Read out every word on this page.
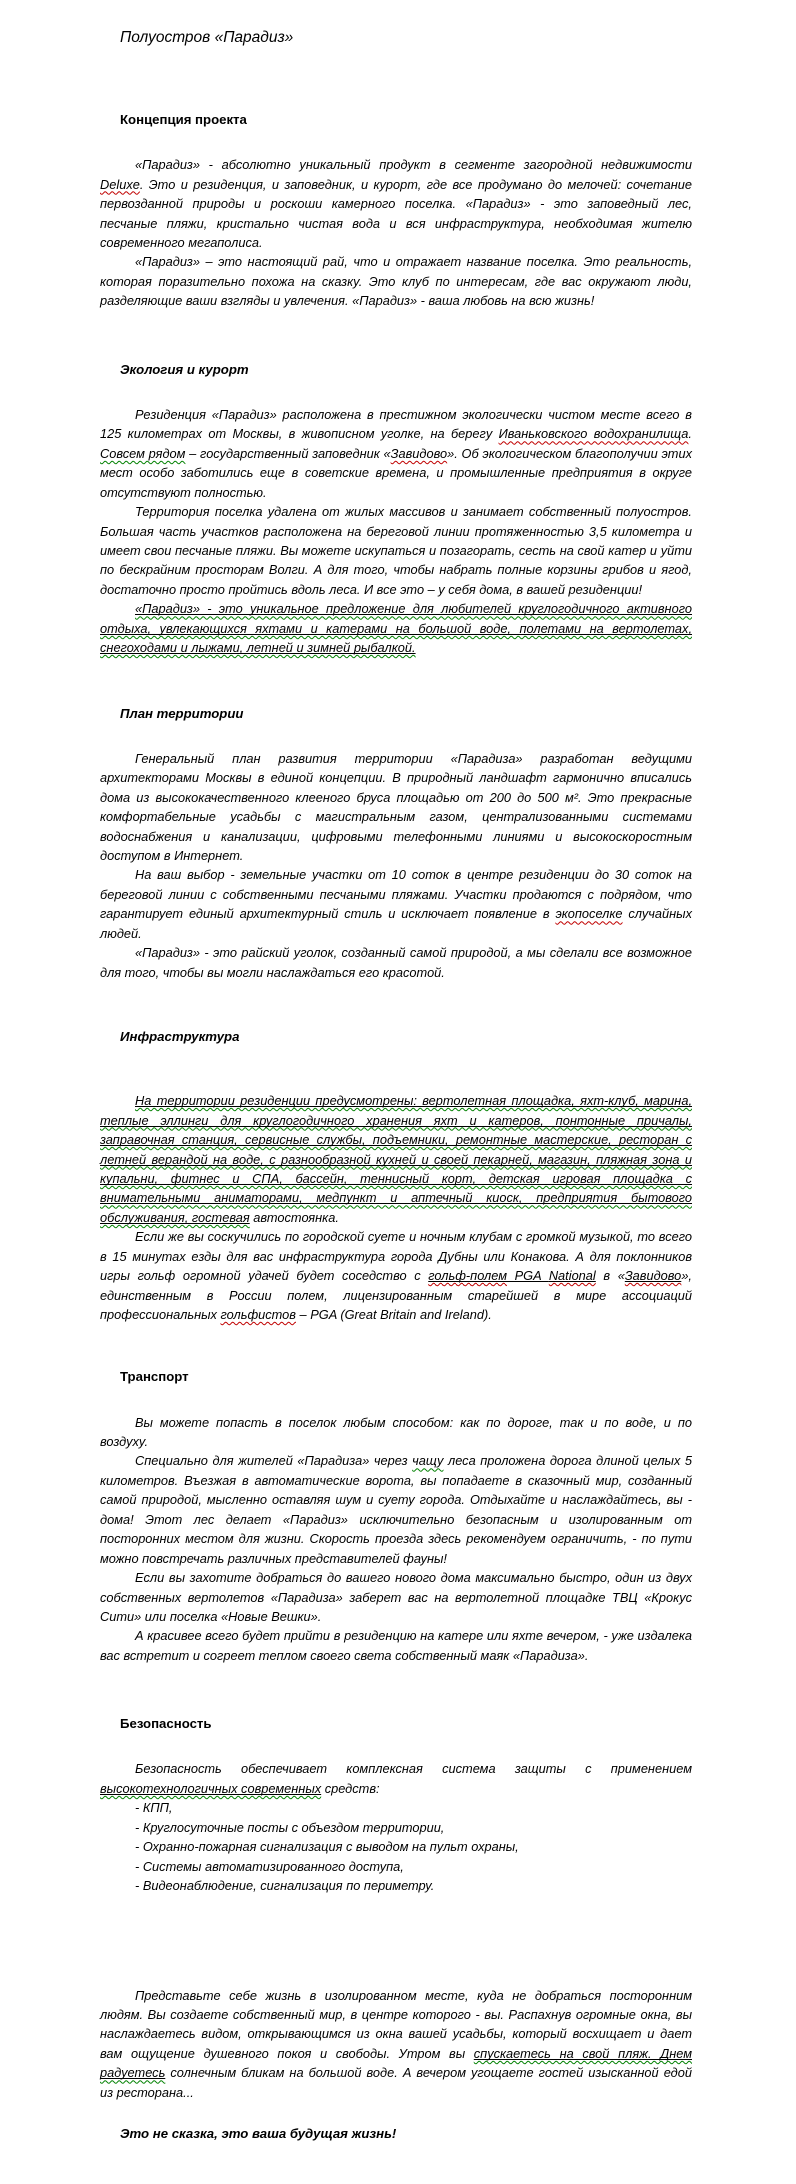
Полуостров «Парадиз»
Концепция проекта

«Парадиз» - абсолютно уникальный продукт в сегменте загородной недвижимости Deluxe. Это и резиденция, и заповедник, и курорт, где все продумано до мелочей: сочетание первозданной природы и роскоши камерного поселка. «Парадиз» - это заповедный лес, песчаные пляжи, кристально чистая вода и вся инфраструктура, необходимая жителю современного мегаполиса.

«Парадиз» – это настоящий рай, что и отражает название поселка. Это реальность, которая поразительно похожа на сказку. Это клуб по интересам, где вас окружают люди, разделяющие ваши взгляды и увлечения. «Парадиз» - ваша любовь на всю жизнь!

Экология и курорт

Резиденция «Парадиз» расположена в престижном экологически чистом месте всего в 125 километрах от Москвы, в живописном уголке, на берегу Иваньковского водохранилища. Совсем рядом – государственный заповедник «Завидово». Об экологическом благополучии этих мест особо заботились еще в советские времена, и промышленные предприятия в округе отсутствуют полностью.

Территория поселка удалена от жилых массивов и занимает собственный полуостров. Большая часть участков расположена на береговой линии протяженностью 3,5 километра и имеет свои песчаные пляжи. Вы можете искупаться и позагорать, сесть на свой катер и уйти по бескрайним просторам Волги. А для того, чтобы набрать полные корзины грибов и ягод, достаточно просто пройтись вдоль леса. И все это – у себя дома, в вашей резиденции!

«Парадиз» - это уникальное предложение для любителей круглогодичного активного отдыха, увлекающихся яхтами и катерами на большой воде, полетами на вертолетах, снегоходами и лыжами, летней и зимней рыбалкой.

План территории

Генеральный план развития территории «Парадиза» разработан ведущими архитекторами Москвы в единой концепции. В природный ландшафт гармонично вписались дома из высококачественного клееного бруса площадью от 200 до 500 м². Это прекрасные комфортабельные усадьбы с магистральным газом, централизованными системами водоснабжения и канализации, цифровыми телефонными линиями и высокоскоростным доступом в Интернет.

На ваш выбор - земельные участки от 10 соток в центре резиденции до 30 соток на береговой линии с собственными песчаными пляжами. Участки продаются с подрядом, что гарантирует единый архитектурный стиль и исключает появление в экопоселке случайных людей.

«Парадиз» - это райский уголок, созданный самой природой, а мы сделали все возможное для того, чтобы вы могли наслаждаться его красотой.

Инфраструктура

На территории резиденции предусмотрены: вертолетная площадка, яхт-клуб, марина, теплые эллинги для круглогодичного хранения яхт и катеров, понтонные причалы, заправочная станция, сервисные службы, подъемники, ремонтные мастерские, ресторан с летней верандой на воде, с разнообразной кухней и своей пекарней, магазин, пляжная зона и купальни, фитнес и СПА, бассейн, теннисный корт, детская игровая площадка с внимательными аниматорами, медпункт и аптечный киоск, предприятия бытового обслуживания, гостевая автостоянка.

Если же вы соскучились по городской суете и ночным клубам с громкой музыкой, то всего в 15 минутах езды для вас инфраструктура города Дубны или Конакова. А для поклонников игры гольф огромной удачей будет соседство с гольф-полем PGA National в «Завидово», единственным в России полем, лицензированным старейшей в мире ассоциаций профессиональных гольфистов – PGA (Great Britain and Ireland).

Транспорт

Вы можете попасть в поселок любым способом: как по дороге, так и по воде, и по воздуху.

Специально для жителей «Парадиза» через чащу леса проложена дорога длиной целых 5 километров. Въезжая в автоматические ворота, вы попадаете в сказочный мир, созданный самой природой, мысленно оставляя шум и суету города. Отдыхайте и наслаждайтесь, вы - дома! Этот лес делает «Парадиз» исключительно безопасным и изолированным от посторонних местом для жизни. Скорость проезда здесь рекомендуем ограничить, - по пути можно повстречать различных представителей фауны!

Если вы захотите добраться до вашего нового дома максимально быстро, один из двух собственных вертолетов «Парадиза» заберет вас на вертолетной площадке ТВЦ «Крокус Сити» или поселка «Новые Вешки».

А красивее всего будет прийти в резиденцию на катере или яхте вечером, - уже издалека вас встретит и согреет теплом своего света собственный маяк «Парадиза».

Безопасность

Безопасность обеспечивает комплексная система защиты с применением высокотехнологичных современных средств:

- КПП,

- Круглосуточные посты с объездом территории,

- Охранно-пожарная сигнализация с выводом на пульт охраны,

- Системы автоматизированного доступа,

- Видеонаблюдение, сигнализация по периметру.

Представьте себе жизнь в изолированном месте, куда не добраться посторонним людям. Вы создаете собственный мир, в центре которого - вы. Распахнув огромные окна, вы наслаждаетесь видом, открывающимся из окна вашей усадьбы, который восхищает и дает вам ощущение душевного покоя и свободы. Утром вы спускаетесь на свой пляж. Днем радуетесь солнечным бликам на большой воде. А вечером угощаете гостей изысканной едой из ресторана...

Это не сказка, это ваша будущая жизнь!
